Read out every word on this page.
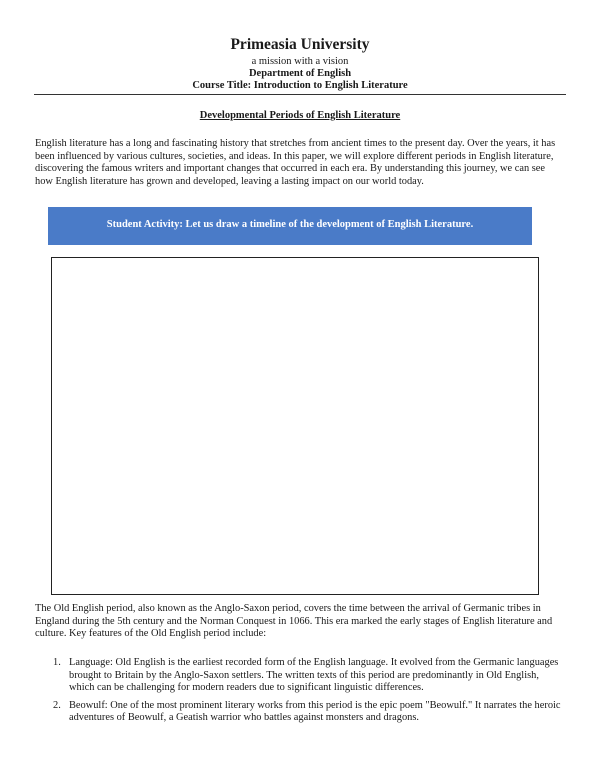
Primeasia University
a mission with a vision
Department of English
Course Title: Introduction to English Literature
Developmental Periods of English Literature
English literature has a long and fascinating history that stretches from ancient times to the present day. Over the years, it has been influenced by various cultures, societies, and ideas. In this paper, we will explore different periods in English literature, discovering the famous writers and important changes that occurred in each era. By understanding this journey, we can see how English literature has grown and developed, leaving a lasting impact on our world today.
Student Activity: Let us draw a timeline of the development of English Literature.
The Old English period, also known as the Anglo-Saxon period, covers the time between the arrival of Germanic tribes in England during the 5th century and the Norman Conquest in 1066. This era marked the early stages of English literature and culture. Key features of the Old English period include:
1. Language: Old English is the earliest recorded form of the English language. It evolved from the Germanic languages brought to Britain by the Anglo-Saxon settlers. The written texts of this period are predominantly in Old English, which can be challenging for modern readers due to significant linguistic differences.
2. Beowulf: One of the most prominent literary works from this period is the epic poem "Beowulf." It narrates the heroic adventures of Beowulf, a Geatish warrior who battles against monsters and dragons.
